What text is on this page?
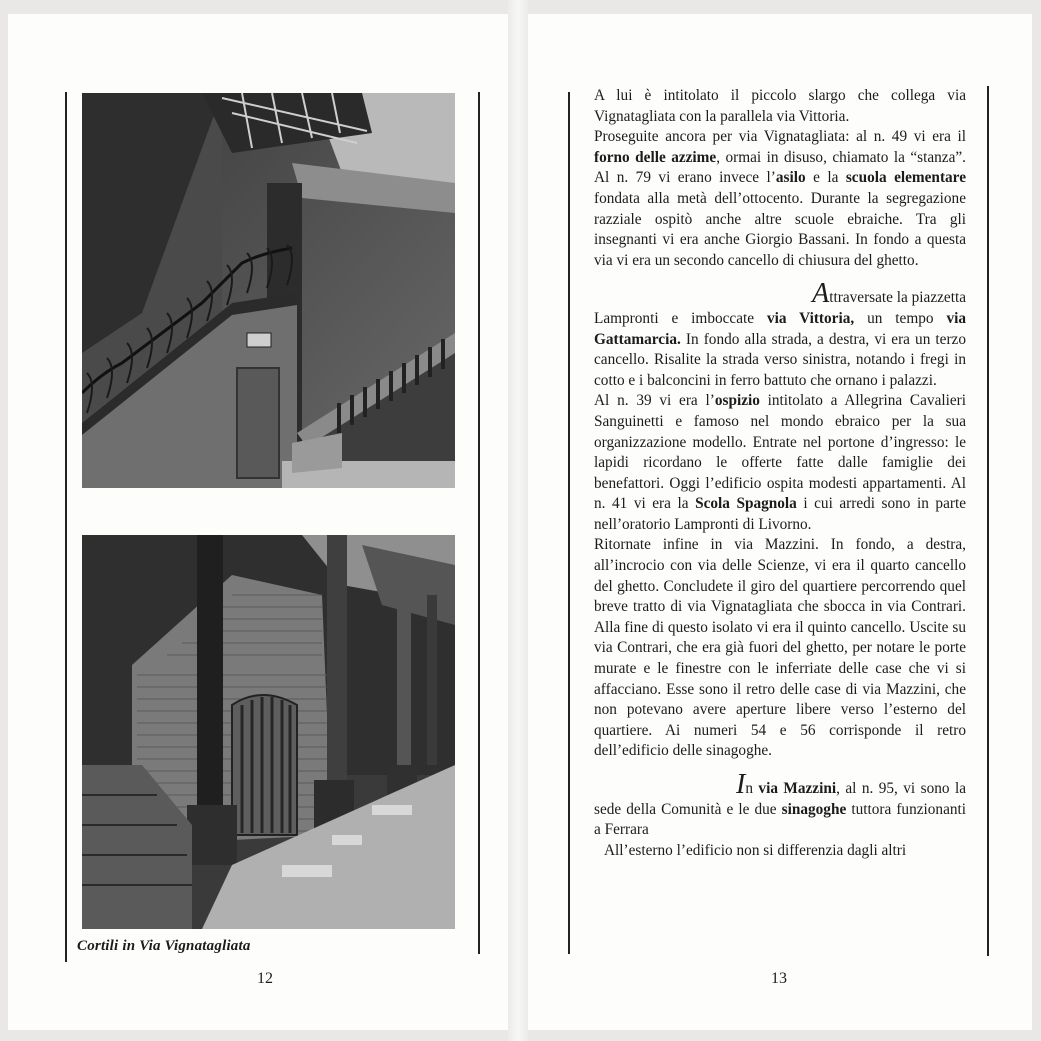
Cortili in Via Vignatagliata
12	13

A lui è intitolato il piccolo slargo che collega via Vignatagliata con la parallela via Vittoria.

Proseguite ancora per via Vignatagliata: al n. 49 vi era il forno delle azzime, ormai in disuso, chiamato la “stanza”. Al n. 79 vi erano invece l’asilo e la scuola elementare fondata alla metà dell’ottocento. Durante la segregazione razziale ospitò anche altre scuole ebraiche. Tra gli insegnanti vi era anche Giorgio Bassani. In fondo a questa via vi era un secondo cancello di chiusura del ghetto.

Attraversate la piazzetta

Lampronti e imboccate via Vittoria, un tempo via Gattamarcia. In fondo alla strada, a destra, vi era un terzo cancello. Risalite la strada verso sinistra, notando i fregi in cotto e i balconcini in ferro battuto che ornano i palazzi.

Al n. 39 vi era l’ospizio intitolato a Allegrina Cavalieri Sanguinetti e famoso nel mondo ebraico per la sua organizzazione modello. Entrate nel portone d’ingresso: le lapidi ricordano le offerte fatte dalle famiglie dei benefattori. Oggi l’edificio ospita modesti appartamenti. Al n. 41 vi era la Scola Spagnola i cui arredi sono in parte nell’oratorio Lampronti di Livorno.

Ritornate infine in via Mazzini. In fondo, a destra, all’incrocio con via delle Scienze, vi era il quarto cancello del ghetto. Concludete il giro del quartiere percorrendo quel breve tratto di via Vignatagliata che sbocca in via Contrari. Alla fine di questo isolato vi era il quinto cancello. Uscite su via Contrari, che era già fuori del ghetto, per notare le porte murate e le finestre con le inferriate delle case che vi si affacciano. Esse sono il retro delle case di via Mazzini, che non potevano avere aperture libere verso l’esterno del quartiere. Ai numeri 54 e 56 corrisponde il retro dell’edificio delle sinagoghe.

In via Mazzini, al n. 95, vi sono la sede della Comunità e le due sinagoghe tuttora funzionanti a Ferrara

All’esterno l’edificio non si differenzia dagli altri
